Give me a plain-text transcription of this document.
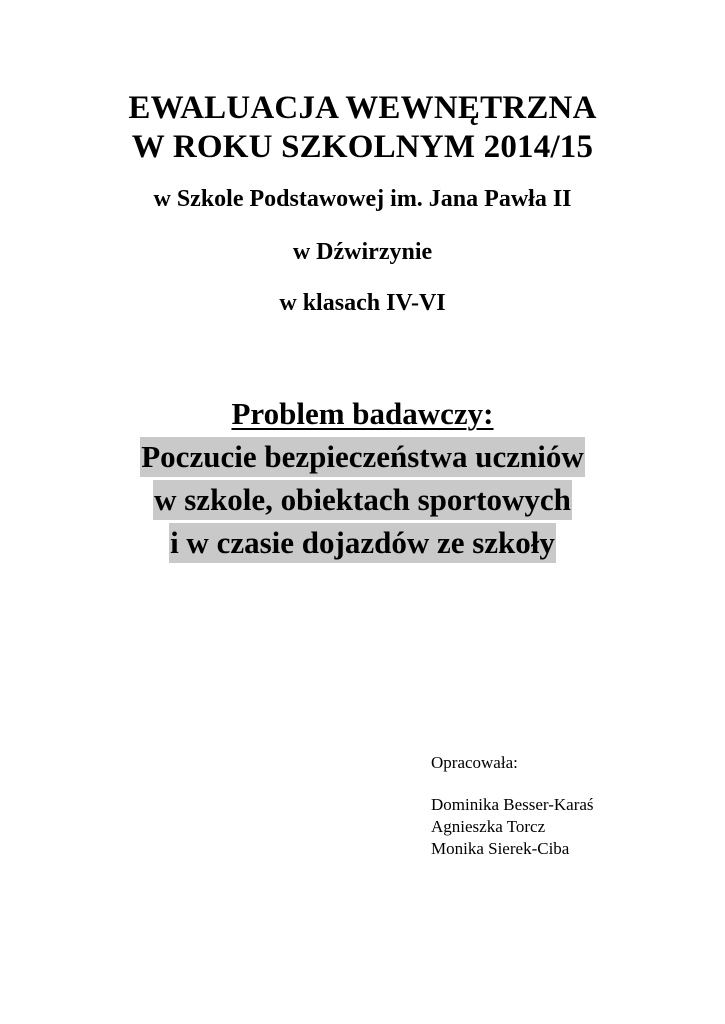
EWALUACJA WEWNĘTRZNA
W ROKU SZKOLNYM 2014/15
w Szkole Podstawowej im. Jana Pawła II
w Dźwirzynie
w klasach IV-VI
Problem badawczy:
Poczucie bezpieczeństwa uczniów
w szkole, obiektach sportowych
i w czasie dojazdów ze szkoły
Opracowała:
Dominika Besser-Karaś
Agnieszka Torcz
Monika Sierek-Ciba
